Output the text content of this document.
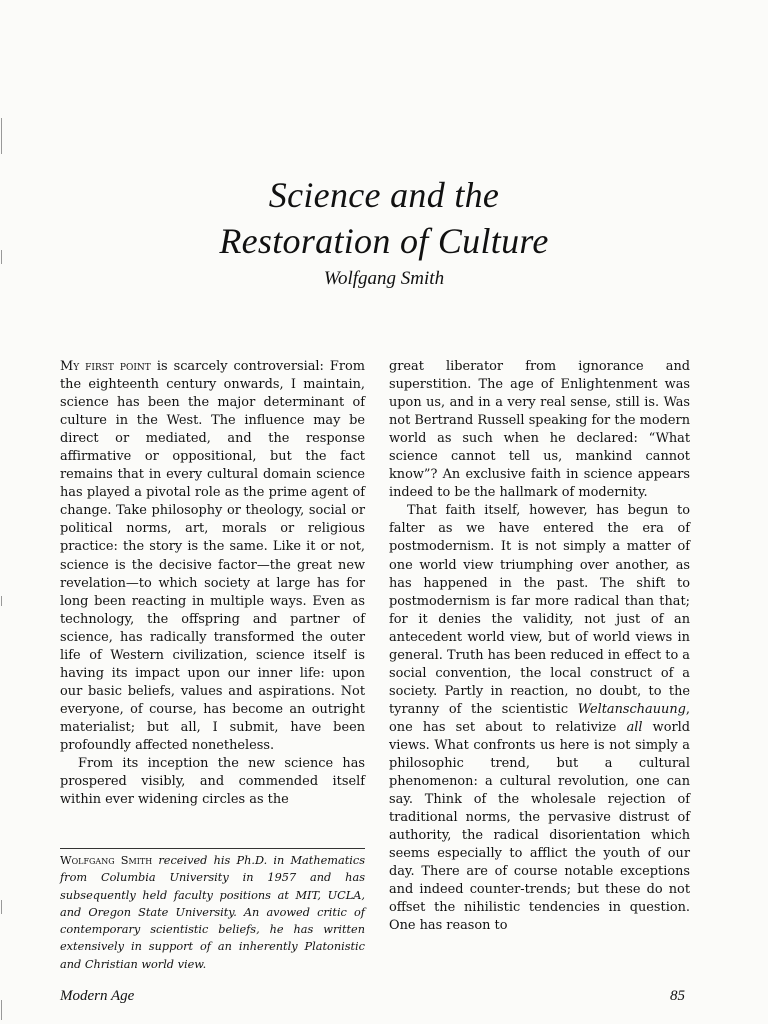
Science and the
Restoration of Culture
Wolfgang Smith

My first point is scarcely controversial: From the eighteenth century onwards, I maintain, science has been the major determinant of culture in the West. The influence may be direct or mediated, and the response affirmative or oppositional, but the fact remains that in every cultural domain science has played a pivotal role as the prime agent of change. Take philosophy or theology, social or political norms, art, morals or religious practice: the story is the same. Like it or not, science is the decisive factor—the great new revelation—to which society at large has for long been reacting in multiple ways. Even as technology, the offspring and partner of science, has radically transformed the outer life of Western civilization, science itself is having its impact upon our inner life: upon our basic beliefs, values and aspirations. Not everyone, of course, has become an outright materialist; but all, I submit, have been profoundly affected nonetheless.

From its inception the new science has prospered visibly, and commended itself within ever widening circles as the

Wolfgang Smith received his Ph.D. in Mathematics from Columbia University in 1957 and has subsequently held faculty positions at MIT, UCLA, and Oregon State University. An avowed critic of contemporary scientistic beliefs, he has written extensively in support of an inherently Platonistic and Christian world view.

great liberator from ignorance and superstition. The age of Enlightenment was upon us, and in a very real sense, still is. Was not Bertrand Russell speaking for the modern world as such when he declared: “What science cannot tell us, mankind cannot know”? An exclusive faith in science appears indeed to be the hallmark of modernity.

That faith itself, however, has begun to falter as we have entered the era of postmodernism. It is not simply a matter of one world view triumphing over another, as has happened in the past. The shift to postmodernism is far more radical than that; for it denies the validity, not just of an antecedent world view, but of world views in general. Truth has been reduced in effect to a social convention, the local construct of a society. Partly in reaction, no doubt, to the tyranny of the scientistic Weltanschauung, one has set about to relativize all world views. What confronts us here is not simply a philosophic trend, but a cultural phenomenon: a cultural revolution, one can say. Think of the wholesale rejection of traditional norms, the pervasive distrust of authority, the radical disorientation which seems especially to afflict the youth of our day. There are of course notable exceptions and indeed counter-trends; but these do not offset the nihilistic tendencies in question. One has reason to

Modern Age	85
